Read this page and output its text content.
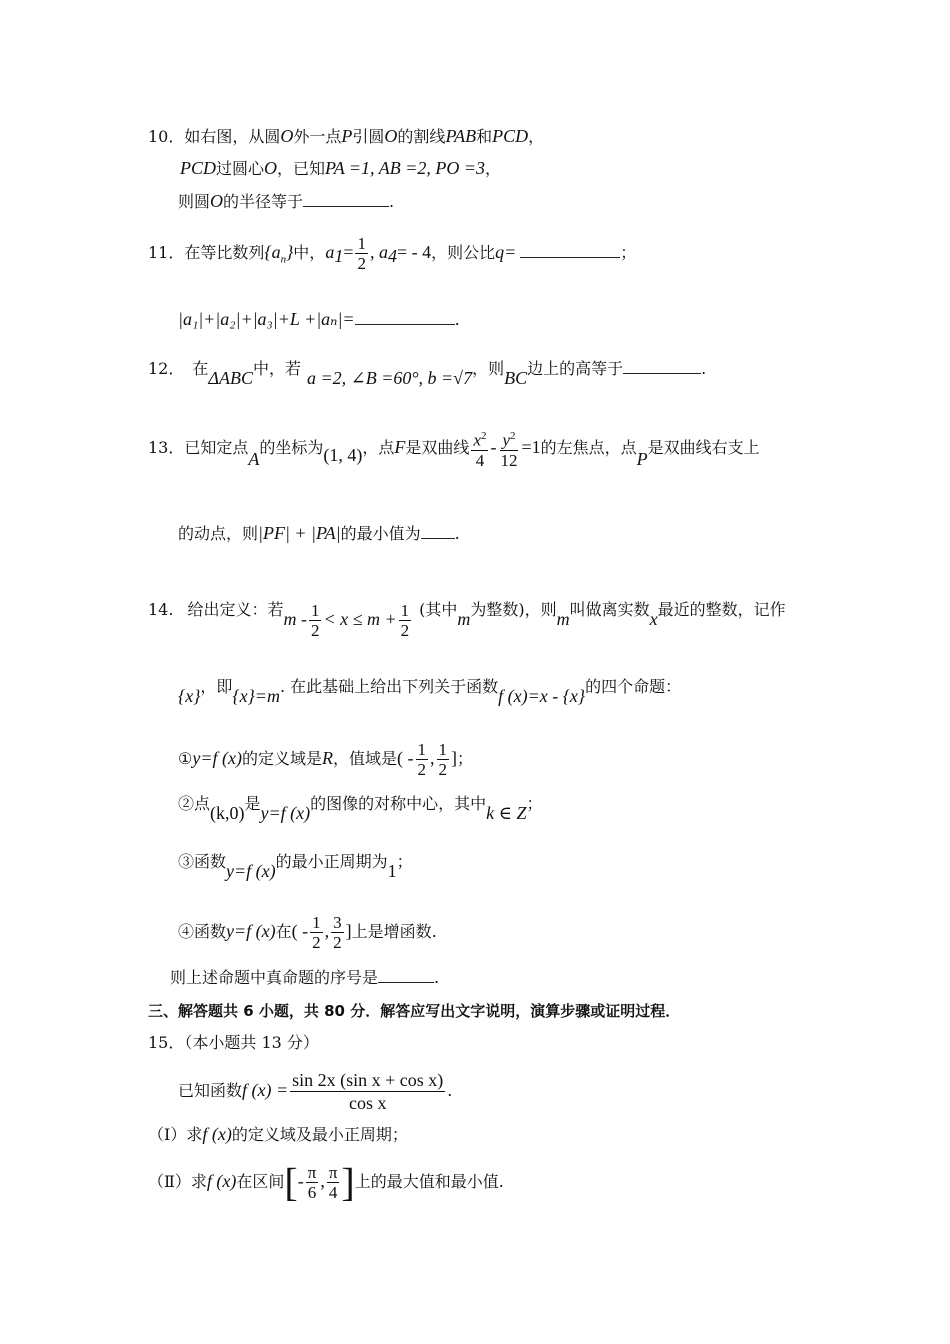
10．如右图，从圆O外一点P引圆O的割线PAB和PCD，
PCD过圆心O，已知PA =1, AB =2, PO =3，
则圆O的半径等于	.
11．在等比数列$\{a_n\}$中，$a_1= \frac{1}{2}$ , $a_4= - 4$，则公比q=	；
|a₁|+|a₂|+|a₃|+L +|aₙ|=	.
12． 在ΔABC中，若 a =2, ∠B =60°, b =√7，则BC边上的高等于	.
13．已知定点A的坐标为(1, 4)，点F是双曲线 $\frac{x^2}{4} - \frac{y^2}{12} =1$的左焦点，点P是双曲线右支上
的动点，则|PF| + |PA|的最小值为 .
14. 给出定义：若$m - \frac{1}{2} < x \le m + \frac{1}{2}$ (其中m为整数)，则m叫做离实数x最近的整数，记作
{x}，即{x}=m. 在此基础上给出下列关于函数f (x)=x - {x}的四个命题：
①y=f (x)的定义域是R，值域是( - $\frac{1}{2}$ , $\frac{1}{2}$ ]；
②点(k,0)是y=f (x)的图像的对称中心，其中k ∈ Z；
③函数y=f (x)的最小正周期为1；
④函数y=f (x)在( - $\frac{1}{2}$ , $\frac{3}{2}$ ]上是增函数.
则上述命题中真命题的序号是	.
三、解答题共 6 小题，共 80 分．解答应写出文字说明，演算步骤或证明过程．
15．（本小题共 13 分）
已知函数f $(x) = \frac{\text{sin 2x (sin x + cos x)}}{\text{cos x}}$ .
（Ⅰ）求f (x)的定义域及最小正周期；
（Ⅱ）求f (x)在区间[- $\frac{\pi}{6}$ , $\frac{\pi}{4}$ ]上的最大值和最小值.
